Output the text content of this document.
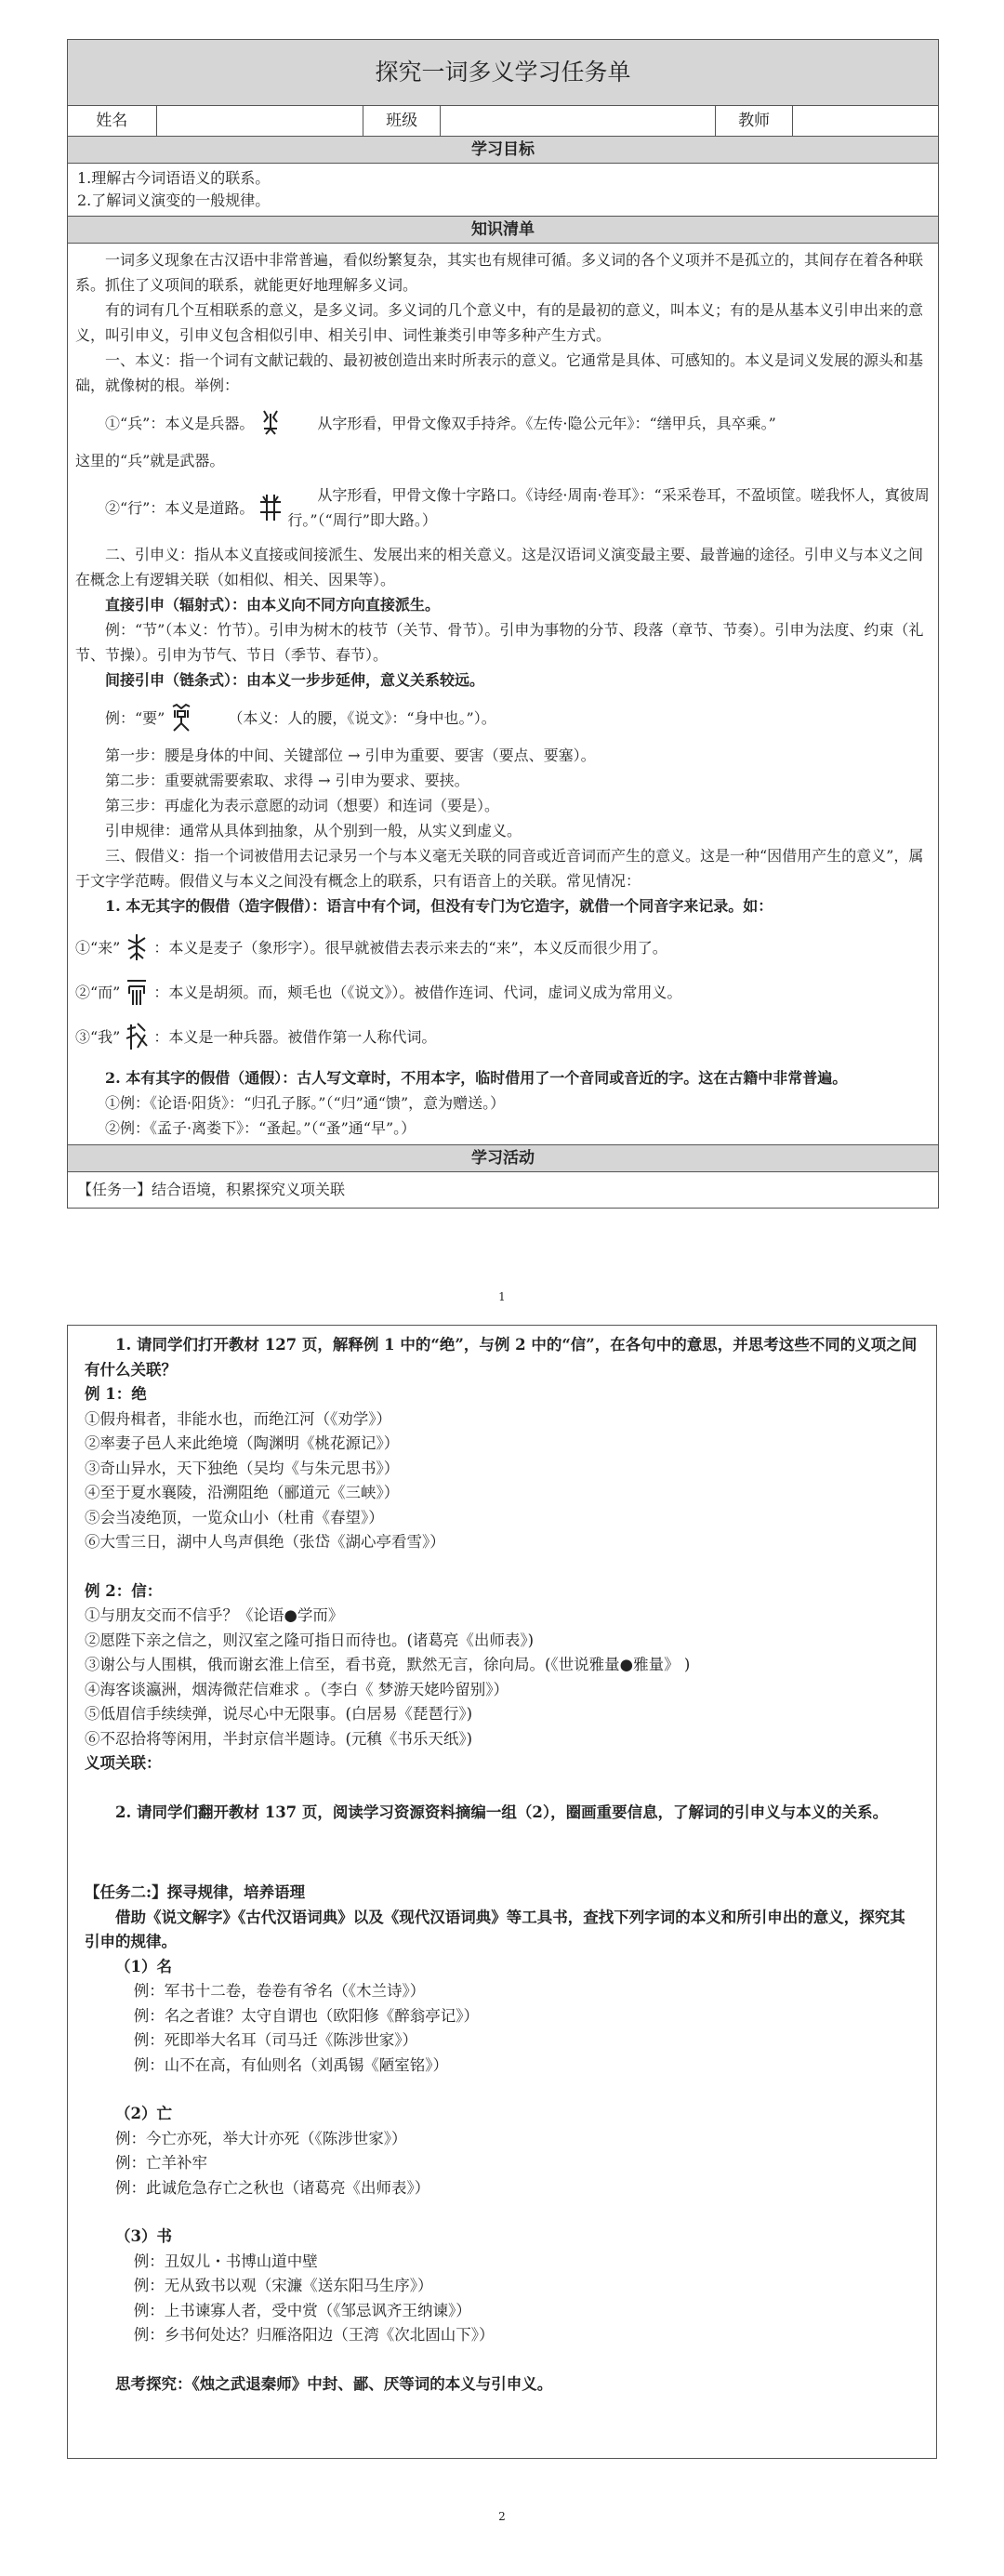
探究一词多义学习任务单
姓名	班级	教师
学习目标
1.理解古今词语语义的联系。
2.了解词义演变的一般规律。
知识清单

一词多义现象在古汉语中非常普遍，看似纷繁复杂，其实也有规律可循。多义词的各个义项并不是孤立的，其间存在着各种联系。抓住了义项间的联系，就能更好地理解多义词。

有的词有几个互相联系的意义，是多义词。多义词的几个意义中，有的是最初的意义，叫本义；有的是从基本义引申出来的意义，叫引申义，引申义包含相似引申、相关引申、词性兼类引申等多种产生方式。

一、本义：指一个词有文献记载的、最初被创造出来时所表示的意义。它通常是具体、可感知的。本义是词义发展的源头和基础，就像树的根。举例：

①“兵”：本义是兵器。	从字形看，甲骨文像双手持斧。《左传·隐公元年》：“缮甲兵，具卒乘。”

这里的“兵”就是武器。

②“行”：本义是道路。
从字形看，甲骨文像十字路口。《诗经·周南·卷耳》：“采采卷耳，不盈顷筐。嗟我怀人，寘彼周行。”（“周行”即大路。）

二、引申义：指从本义直接或间接派生、发展出来的相关意义。这是汉语词义演变最主要、最普遍的途径。引申义与本义之间在概念上有逻辑关联（如相似、相关、因果等）。

直接引申（辐射式）：由本义向不同方向直接派生。

例：“节”（本义：竹节）。引申为树木的枝节（关节、骨节）。引申为事物的分节、段落（章节、节奏）。引申为法度、约束（礼节、节操）。引申为节气、节日（季节、春节）。

间接引申（链条式）：由本义一步步延伸，意义关系较远。

例：“要”	（本义：人的腰，《说文》：“身中也。”）。

第一步：腰是身体的中间、关键部位 → 引申为重要、要害（要点、要塞）。

第二步：重要就需要索取、求得 → 引申为要求、要挟。

第三步：再虚化为表示意愿的动词（想要）和连词（要是）。

引申规律：通常从具体到抽象，从个别到一般，从实义到虚义。

三、假借义：指一个词被借用去记录另一个与本义毫无关联的同音或近音词而产生的意义。这是一种“因借用产生的意义”，属于文字学范畴。假借义与本义之间没有概念上的联系，只有语音上的关联。常见情况：

1. 本无其字的假借（造字假借）：语言中有个词，但没有专门为它造字，就借一个同音字来记录。如：

①“来” ：本义是麦子（象形字）。很早就被借去表示来去的“来”，本义反而很少用了。

②“而” ：本义是胡须。而，颊毛也（《说文》）。被借作连词、代词，虚词义成为常用义。

③“我” ：本义是一种兵器。被借作第一人称代词。

2. 本有其字的假借（通假）：古人写文章时，不用本字，临时借用了一个音同或音近的字。这在古籍中非常普遍。

①例：《论语·阳货》：“归孔子豚。”（“归”通“馈”，意为赠送。）

②例：《孟子·离娄下》：“蚤起。”（“蚤”通“早”。）

学习活动
【任务一】结合语境，积累探究义项关联
1

1. 请同学们打开教材 127 页，解释例 1 中的“绝”，与例 2 中的“信”，在各句中的意思，并思考这些不同的义项之间有什么关联？

例 1：绝

①假舟楫者，非能水也，而绝江河（《劝学》）

②率妻子邑人来此绝境（陶渊明《桃花源记》）

③奇山异水，天下独绝（吴均《与朱元思书》）

④至于夏水襄陵，沿溯阻绝（郦道元《三峡》）

⑤会当凌绝顶，一览众山小（杜甫《春望》）

⑥大雪三日，湖中人鸟声俱绝（张岱《湖心亭看雪》）

例 2：信：

①与朋友交而不信乎？《论语●学而》

②愿陛下亲之信之，则汉室之隆可指日而待也。(诸葛亮《出师表》)

③谢公与人围棋，俄而谢玄淮上信至，看书竟，默然无言，徐向局。(《世说雅量●雅量》 )

④海客谈瀛洲，烟涛微茫信难求 。（李白《 梦游天姥吟留别》）

⑤低眉信手续续弹，说尽心中无限事。(白居易《琵琶行》)

⑥不忍拾将等闲用，半封京信半题诗。(元稹《书乐天纸》)

义项关联：

2. 请同学们翻开教材 137 页，阅读学习资源资料摘编一组（2），圈画重要信息，了解词的引申义与本义的关系。

【任务二:】探寻规律，培养语理

借助《说文解字》《古代汉语词典》以及《现代汉语词典》等工具书，查找下列字词的本义和所引申出的意义，探究其引申的规律。

（1）名

例：军书十二卷，卷卷有爷名（《木兰诗》）

例：名之者谁？太守自谓也（欧阳修《醉翁亭记》）

例：死即举大名耳（司马迁《陈涉世家》）

例：山不在高，有仙则名（刘禹锡《陋室铭》）

（2）亡

例：今亡亦死，举大计亦死（《陈涉世家》）

例：亡羊补牢

例：此诚危急存亡之秋也（诸葛亮《出师表》）

（3）书

例：丑奴儿・书博山道中壁

例：无从致书以观（宋濂《送东阳马生序》）

例：上书谏寡人者，受中赏（《邹忌讽齐王纳谏》）

例：乡书何处达？归雁洛阳边（王湾《次北固山下》）

思考探究：《烛之武退秦师》中封、鄙、厌等词的本义与引申义。

2
